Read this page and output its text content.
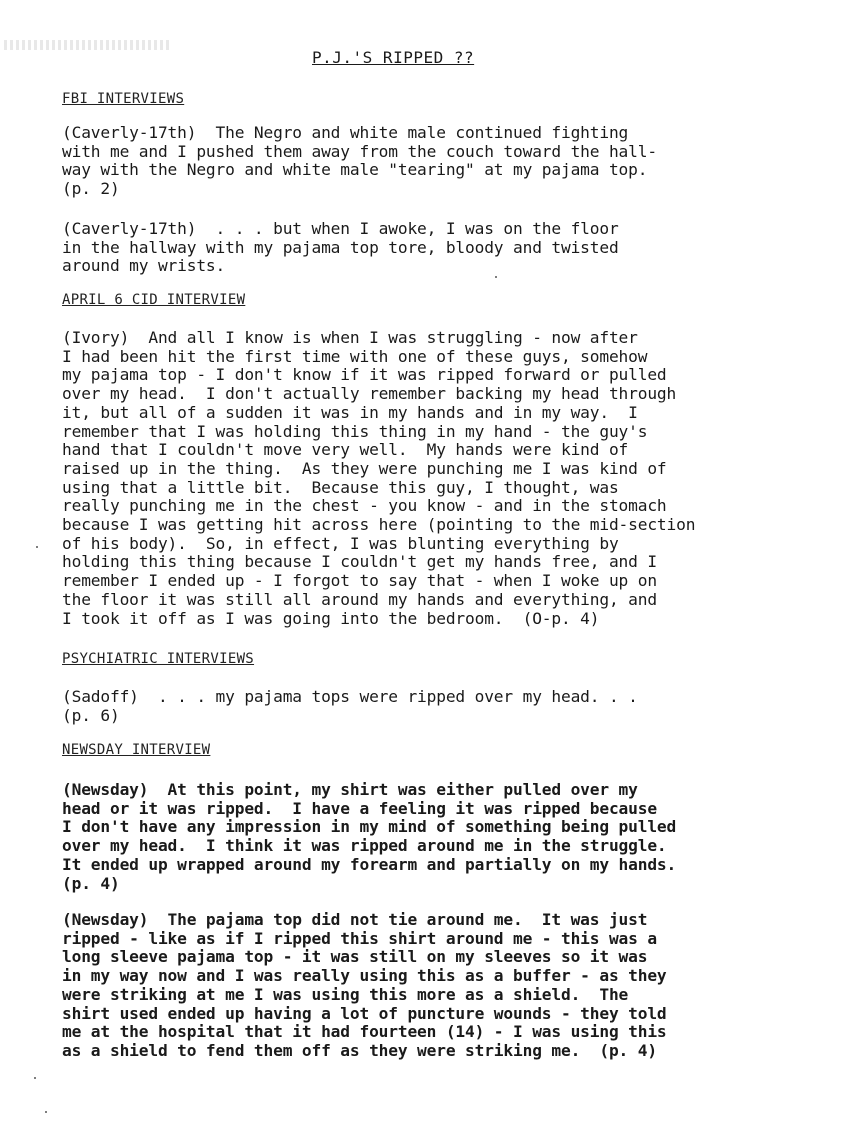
P.J.'S RIPPED ??
FBI INTERVIEWS
(Caverly-17th)  The Negro and white male continued fighting
with me and I pushed them away from the couch toward the hall-
way with the Negro and white male "tearing" at my pajama top.
(p. 2)
(Caverly-17th)  . . . but when I awoke, I was on the floor
in the hallway with my pajama top tore, bloody and twisted
around my wrists.
APRIL 6 CID INTERVIEW
(Ivory)  And all I know is when I was struggling - now after
I had been hit the first time with one of these guys, somehow
my pajama top - I don't know if it was ripped forward or pulled
over my head.  I don't actually remember backing my head through
it, but all of a sudden it was in my hands and in my way.  I
remember that I was holding this thing in my hand - the guy's
hand that I couldn't move very well.  My hands were kind of
raised up in the thing.  As they were punching me I was kind of
using that a little bit.  Because this guy, I thought, was
really punching me in the chest - you know - and in the stomach
because I was getting hit across here (pointing to the mid-section
of his body).  So, in effect, I was blunting everything by
holding this thing because I couldn't get my hands free, and I
remember I ended up - I forgot to say that - when I woke up on
the floor it was still all around my hands and everything, and
I took it off as I was going into the bedroom.  (O-p. 4)
PSYCHIATRIC INTERVIEWS
(Sadoff)  . . . my pajama tops were ripped over my head. . .
(p. 6)
NEWSDAY INTERVIEW
(Newsday)  At this point, my shirt was either pulled over my
head or it was ripped.  I have a feeling it was ripped because
I don't have any impression in my mind of something being pulled
over my head.  I think it was ripped around me in the struggle.
It ended up wrapped around my forearm and partially on my hands.
(p. 4)
(Newsday)  The pajama top did not tie around me.  It was just
ripped - like as if I ripped this shirt around me - this was a
long sleeve pajama top - it was still on my sleeves so it was
in my way now and I was really using this as a buffer - as they
were striking at me I was using this more as a shield.  The
shirt used ended up having a lot of puncture wounds - they told
me at the hospital that it had fourteen (14) - I was using this
as a shield to fend them off as they were striking me.  (p. 4)
